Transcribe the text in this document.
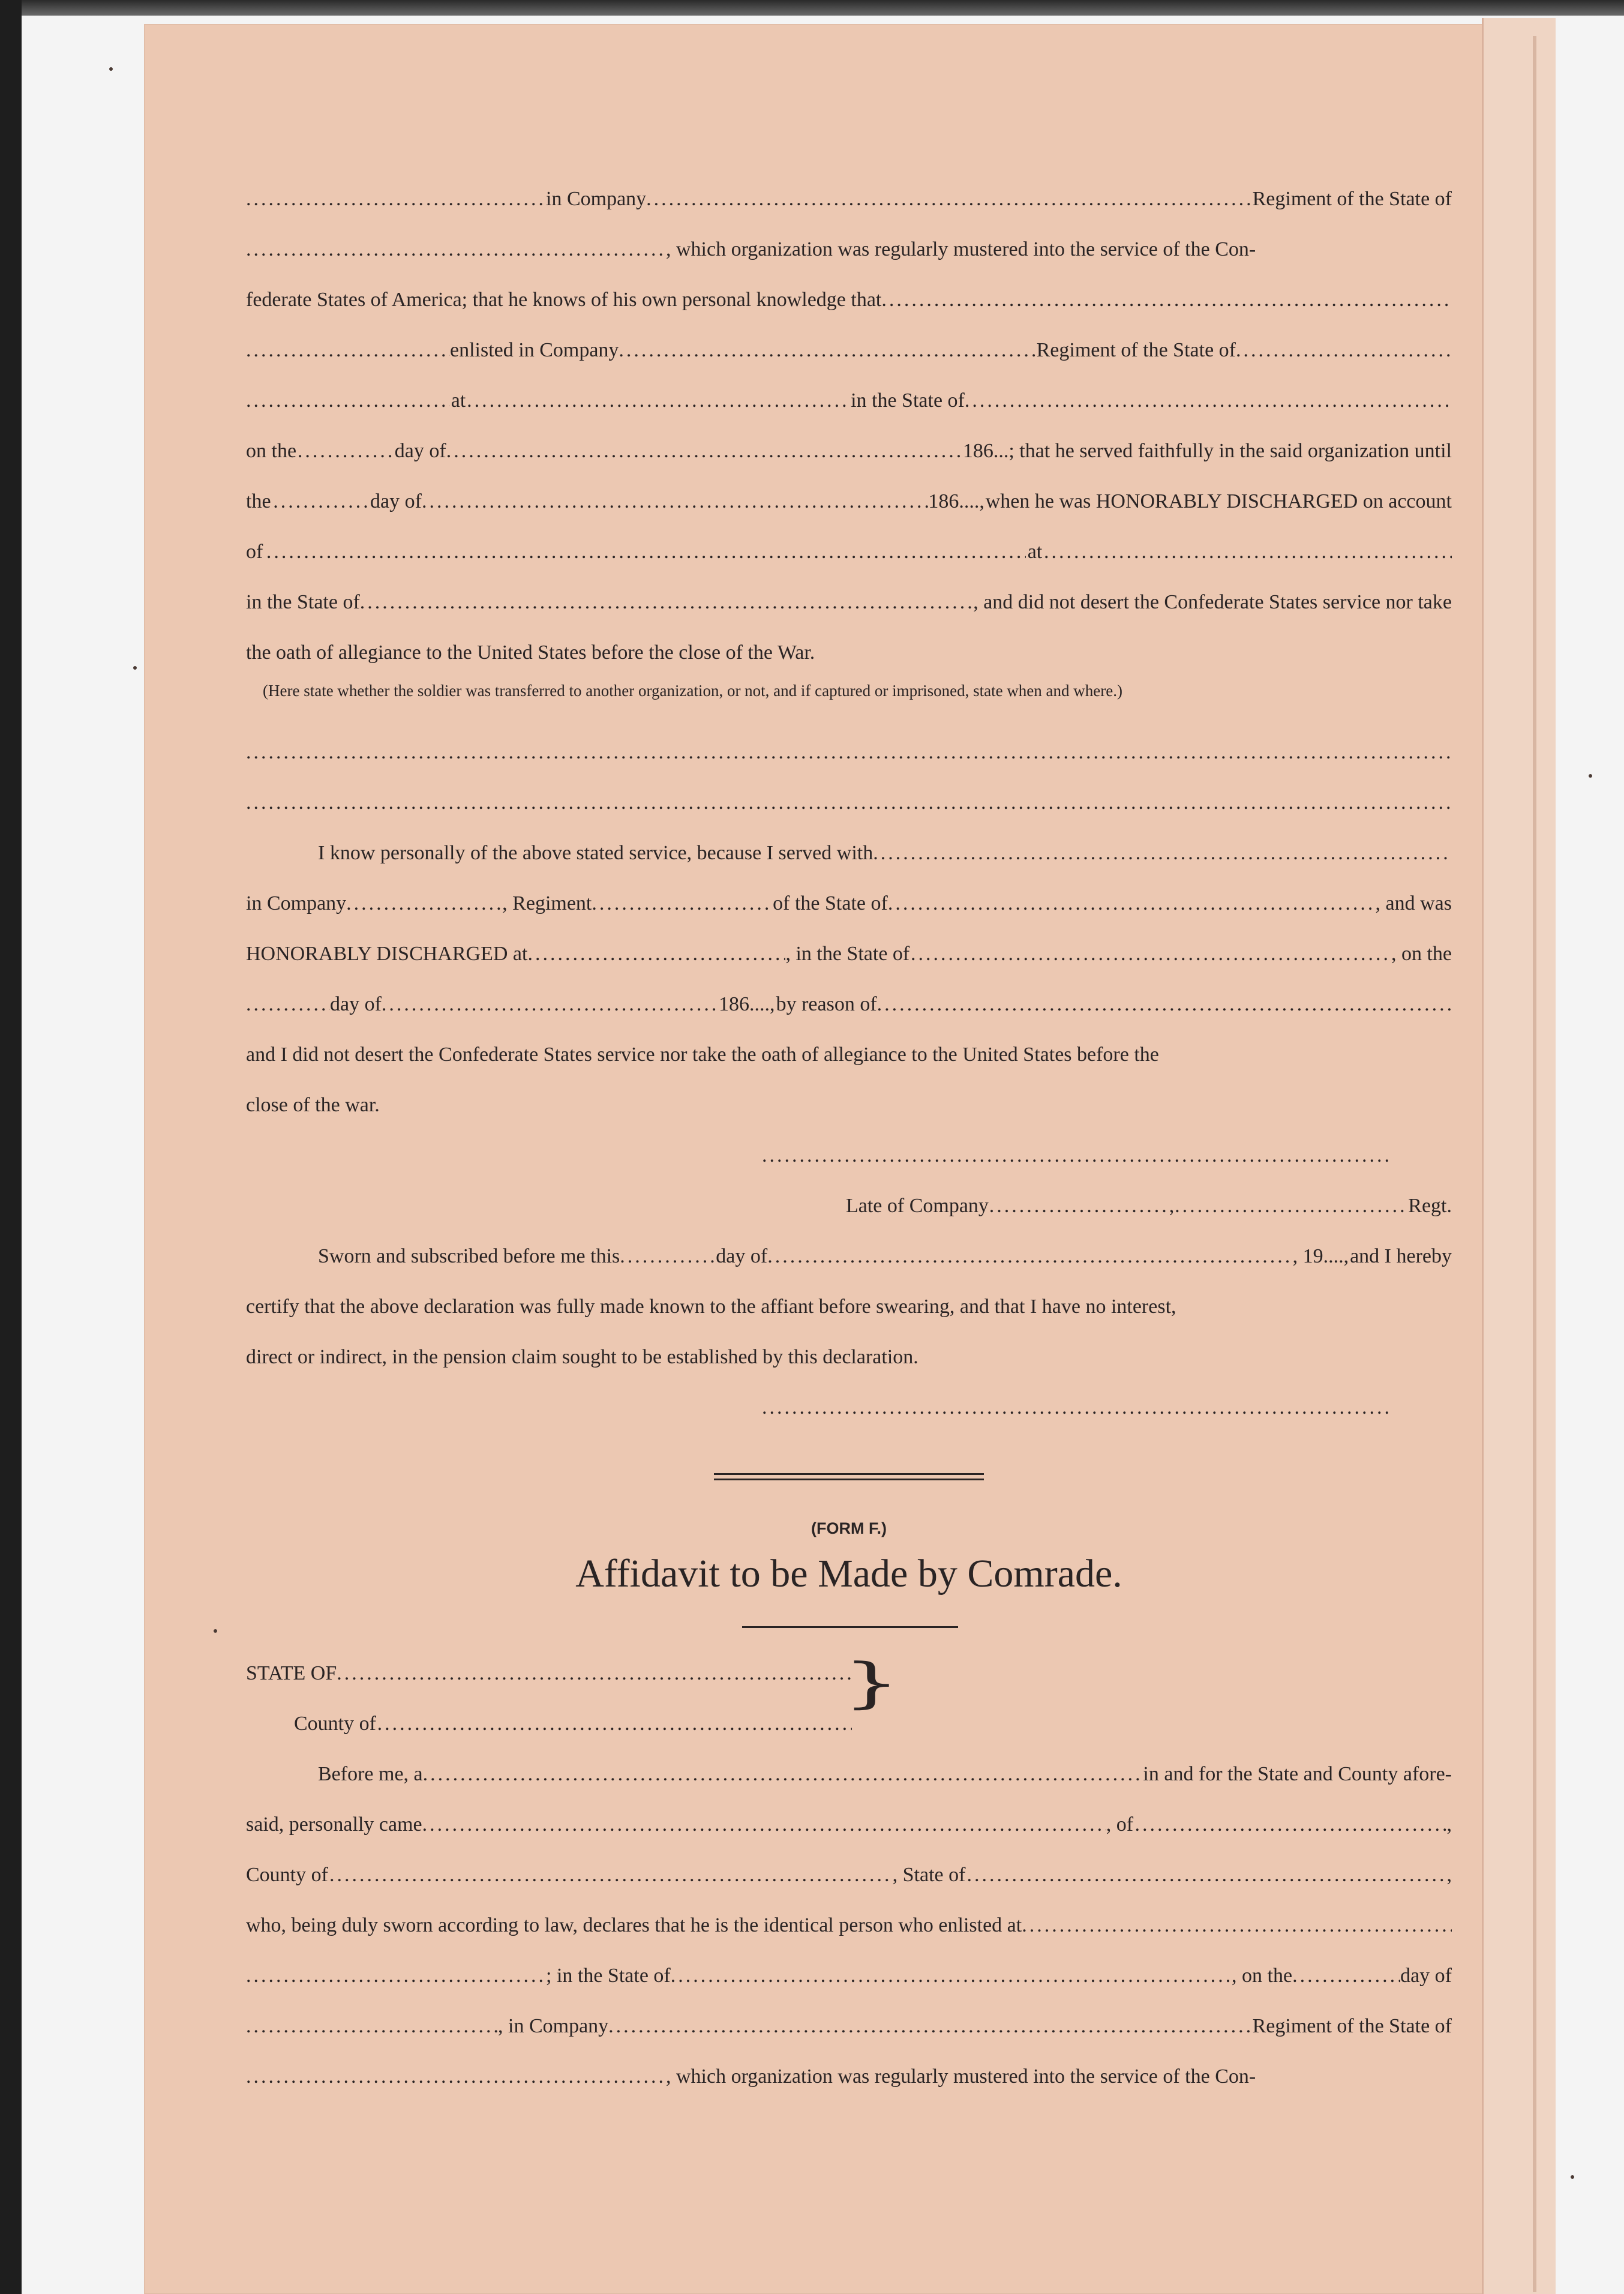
.....
in Company .....	Regiment of the State of
.....
, which organization was regularly mustered into the service of the Con-
federate States of America; that he knows of his own personal knowledge that
.....
.....
enlisted in Company .....	Regiment of the State of
.....
.....
at .....	in the State of
.....
on the .....	day of .....	186...; that he served faithfully in the said organization until
the .....	day of .....	186...., when he was HONORABLY DISCHARGED on account
of .....	at
.....
in the State of .....	, and did not desert the Confederate States service nor take
the oath of allegiance to the United States before the close of the War.
(Here state whether the soldier was transferred to another organization, or not, and if captured or imprisoned, state when and where.)
.....
.....
I know personally of the above stated service, because I served with
.....
in Company .....	, Regiment .....	of the State of .....	, and was
HONORABLY DISCHARGED at .....	, in the State of .....	, on the
.....
day of .....	186...., by reason of
.....
and I did not desert the Confederate States service nor take the oath of allegiance to the United States before the
close of the war.
.....
Late of Company .....	, .....	Regt.
Sworn and subscribed before me this .....	day of .....	, 19...., and I hereby
certify that the above declaration was fully made known to the affiant before swearing, and that I have no interest,
direct or indirect, in the pension claim sought to be established by this declaration.
.....
(FORM F.)
Affidavit to be Made by Comrade.
STATE OF
.....
County of
.....
Before me, a .....	in and for the State and County afore-
said, personally came .....	, of .....	,
County of .....	, State of .....	,
who, being duly sworn according to law, declares that he is the identical person who enlisted at
.....
.....
; in the State of .....	, on the .....	day of
.....
, in Company .....	Regiment of the State of
.....
, which organization was regularly mustered into the service of the Con-
}
